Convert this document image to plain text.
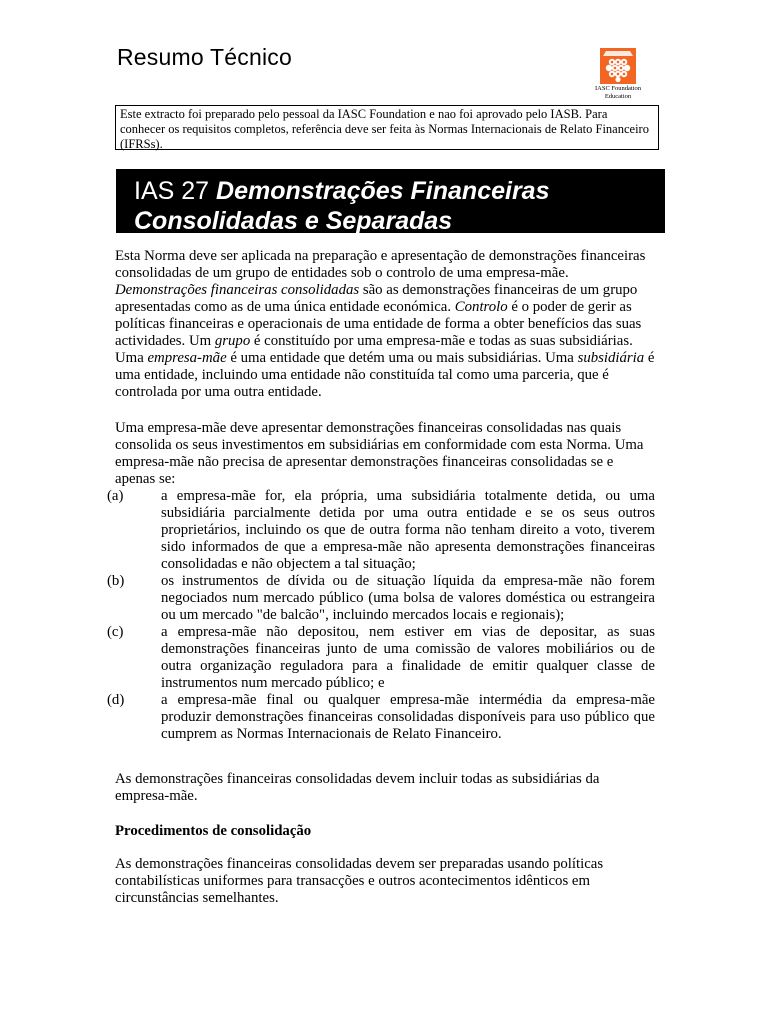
Resumo Técnico
IASC Foundation
Education
Este extracto foi preparado pelo pessoal da IASC Foundation e nao foi aprovado pelo IASB. Para conhecer os requisitos completos, referência deve ser feita às Normas Internacionais de Relato Financeiro (IFRSs).
IAS 27 Demonstrações Financeiras
Consolidadas e Separadas
Esta Norma deve ser aplicada na preparação e apresentação de demonstrações financeiras consolidadas de um grupo de entidades sob o controlo de uma empresa-mãe. Demonstrações financeiras consolidadas são as demonstrações financeiras de um grupo apresentadas como as de uma única entidade económica. Controlo é o poder de gerir as políticas financeiras e operacionais de uma entidade de forma a obter benefícios das suas actividades. Um grupo é constituído por uma empresa-mãe e todas as suas subsidiárias. Uma empresa-mãe é uma entidade que detém uma ou mais subsidiárias. Uma subsidiária é uma entidade, incluindo uma entidade não constituída tal como uma parceria, que é controlada por uma outra entidade.
Uma empresa-mãe deve apresentar demonstrações financeiras consolidadas nas quais consolida os seus investimentos em subsidiárias em conformidade com esta Norma. Uma empresa-mãe não precisa de apresentar demonstrações financeiras consolidadas se e apenas se:
(a)	a empresa-mãe for, ela própria, uma subsidiária totalmente detida, ou uma subsidiária parcialmente detida por uma outra entidade e se os seus outros proprietários, incluindo os que de outra forma não tenham direito a voto, tiverem sido informados de que a empresa-mãe não apresenta demonstrações financeiras consolidadas e não objectem a tal situação;
(b)	os instrumentos de dívida ou de situação líquida da empresa-mãe não forem negociados num mercado público (uma bolsa de valores doméstica ou estrangeira ou um mercado "de balcão", incluindo mercados locais e regionais);
(c)	a empresa-mãe não depositou, nem estiver em vias de depositar, as suas demonstrações financeiras junto de uma comissão de valores mobiliários ou de outra organização reguladora para a finalidade de emitir qualquer classe de instrumentos num mercado público; e
(d)	a empresa-mãe final ou qualquer empresa-mãe intermédia da empresa-mãe produzir demonstrações financeiras consolidadas disponíveis para uso público que cumprem as Normas Internacionais de Relato Financeiro.
As demonstrações financeiras consolidadas devem incluir todas as subsidiárias da empresa-mãe.
Procedimentos de consolidação
As demonstrações financeiras consolidadas devem ser preparadas usando políticas contabilísticas uniformes para transacções e outros acontecimentos idênticos em circunstâncias semelhantes.
